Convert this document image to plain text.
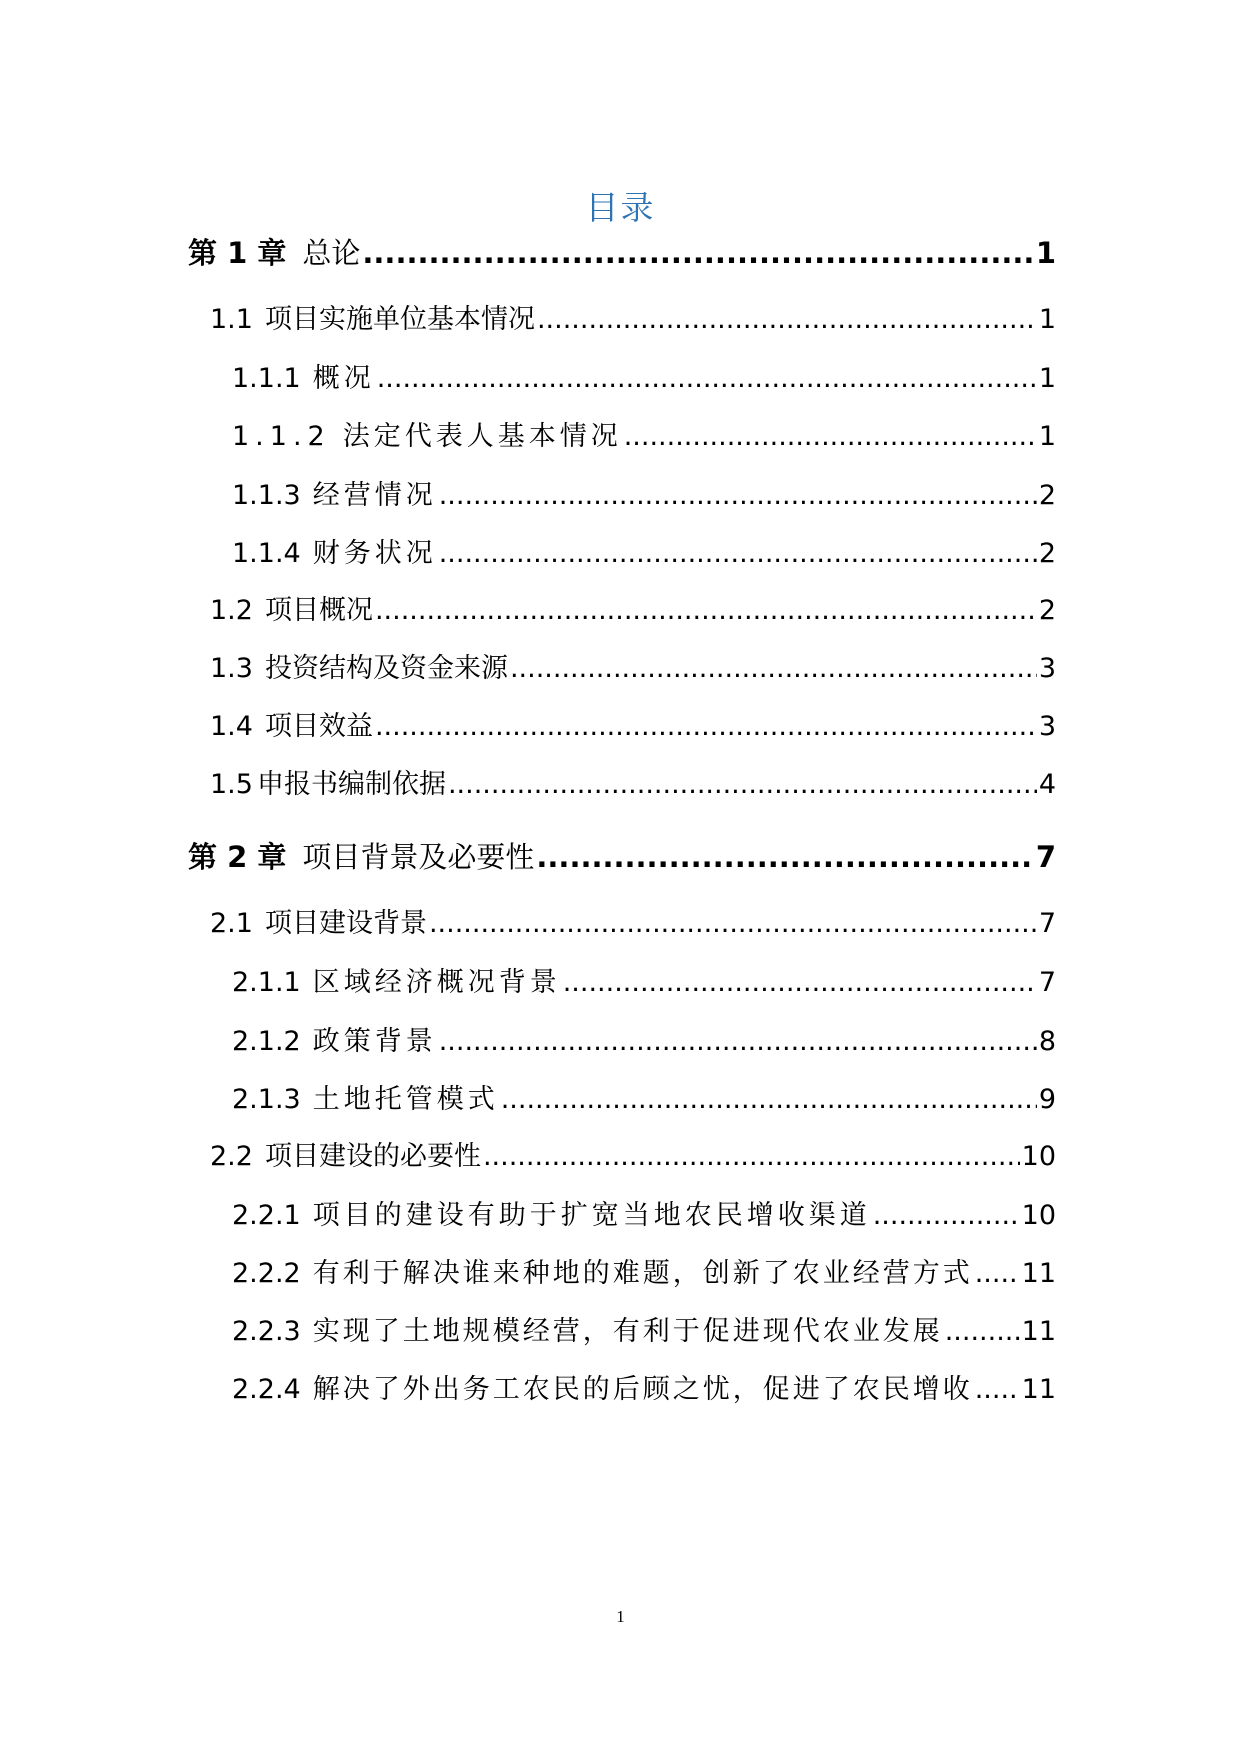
目录
第 1 章 总论 .....	1
1.1 项目实施单位基本情况 .....	1
1.1.1 概况 .....	1
1.1.2 法定代表人基本情况 .....	1
1.1.3 经营情况 .....	2
1.1.4 财务状况 .....	2
1.2 项目概况 .....	2
1.3 投资结构及资金来源 .....	3
1.4 项目效益 .....	3
1.5 申报书编制依据 .....	4
第 2 章 项目背景及必要性 .....	7
2.1 项目建设背景 .....	7
2.1.1 区域经济概况背景 .....	7
2.1.2 政策背景 .....	8
2.1.3 土地托管模式 .....	9
2.2 项目建设的必要性 .....	10
2.2.1 项目的建设有助于扩宽当地农民增收渠道 .....	10
2.2.2 有利于解决谁来种地的难题，创新了农业经营方式 ..... 11
2.2.3 实现了土地规模经营，有利于促进现代农业发展 .....	11
2.2.4 解决了外出务工农民的后顾之忧，促进了农民增收 ..... 11
1
